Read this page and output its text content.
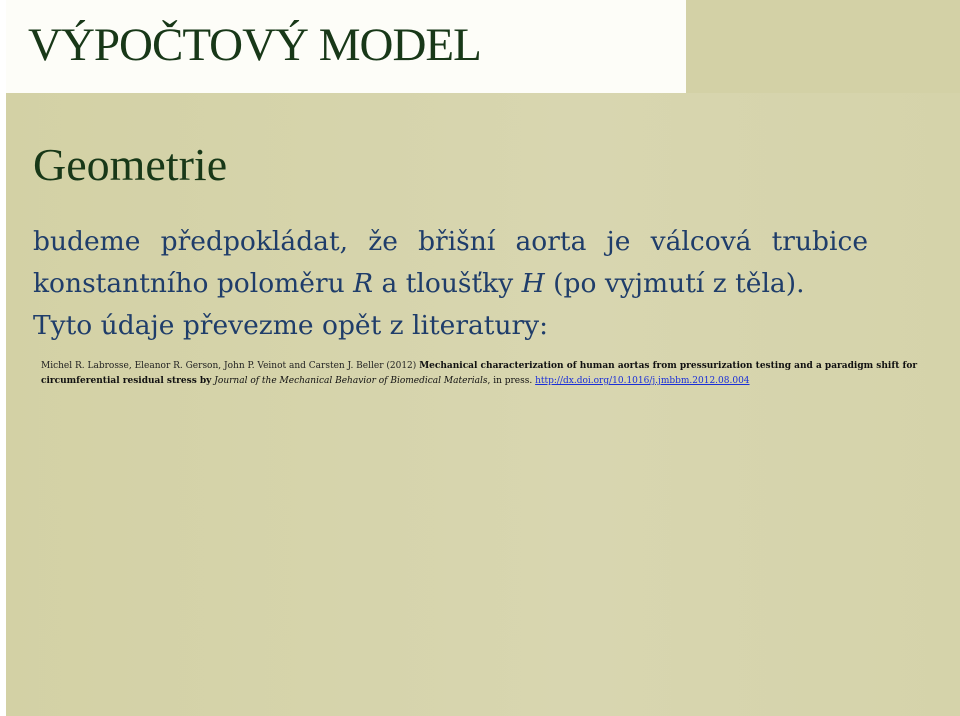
VÝPOČTOVÝ MODEL
Geometrie
budeme předpokládat, že břišní aorta je válcová trubice
konstantního poloměru R a tloušťky H (po vyjmutí z těla).
Tyto údaje převezme opět z literatury:

Michel R. Labrosse, Eleanor R. Gerson, John P. Veinot and Carsten J. Beller (2012) Mechanical characterization of human aortas from pressurization testing and a paradigm shift for circumferential residual stress by Journal of the Mechanical Behavior of Biomedical Materials, in press. http://dx.doi.org/10.1016/j.jmbbm.2012.08.004
